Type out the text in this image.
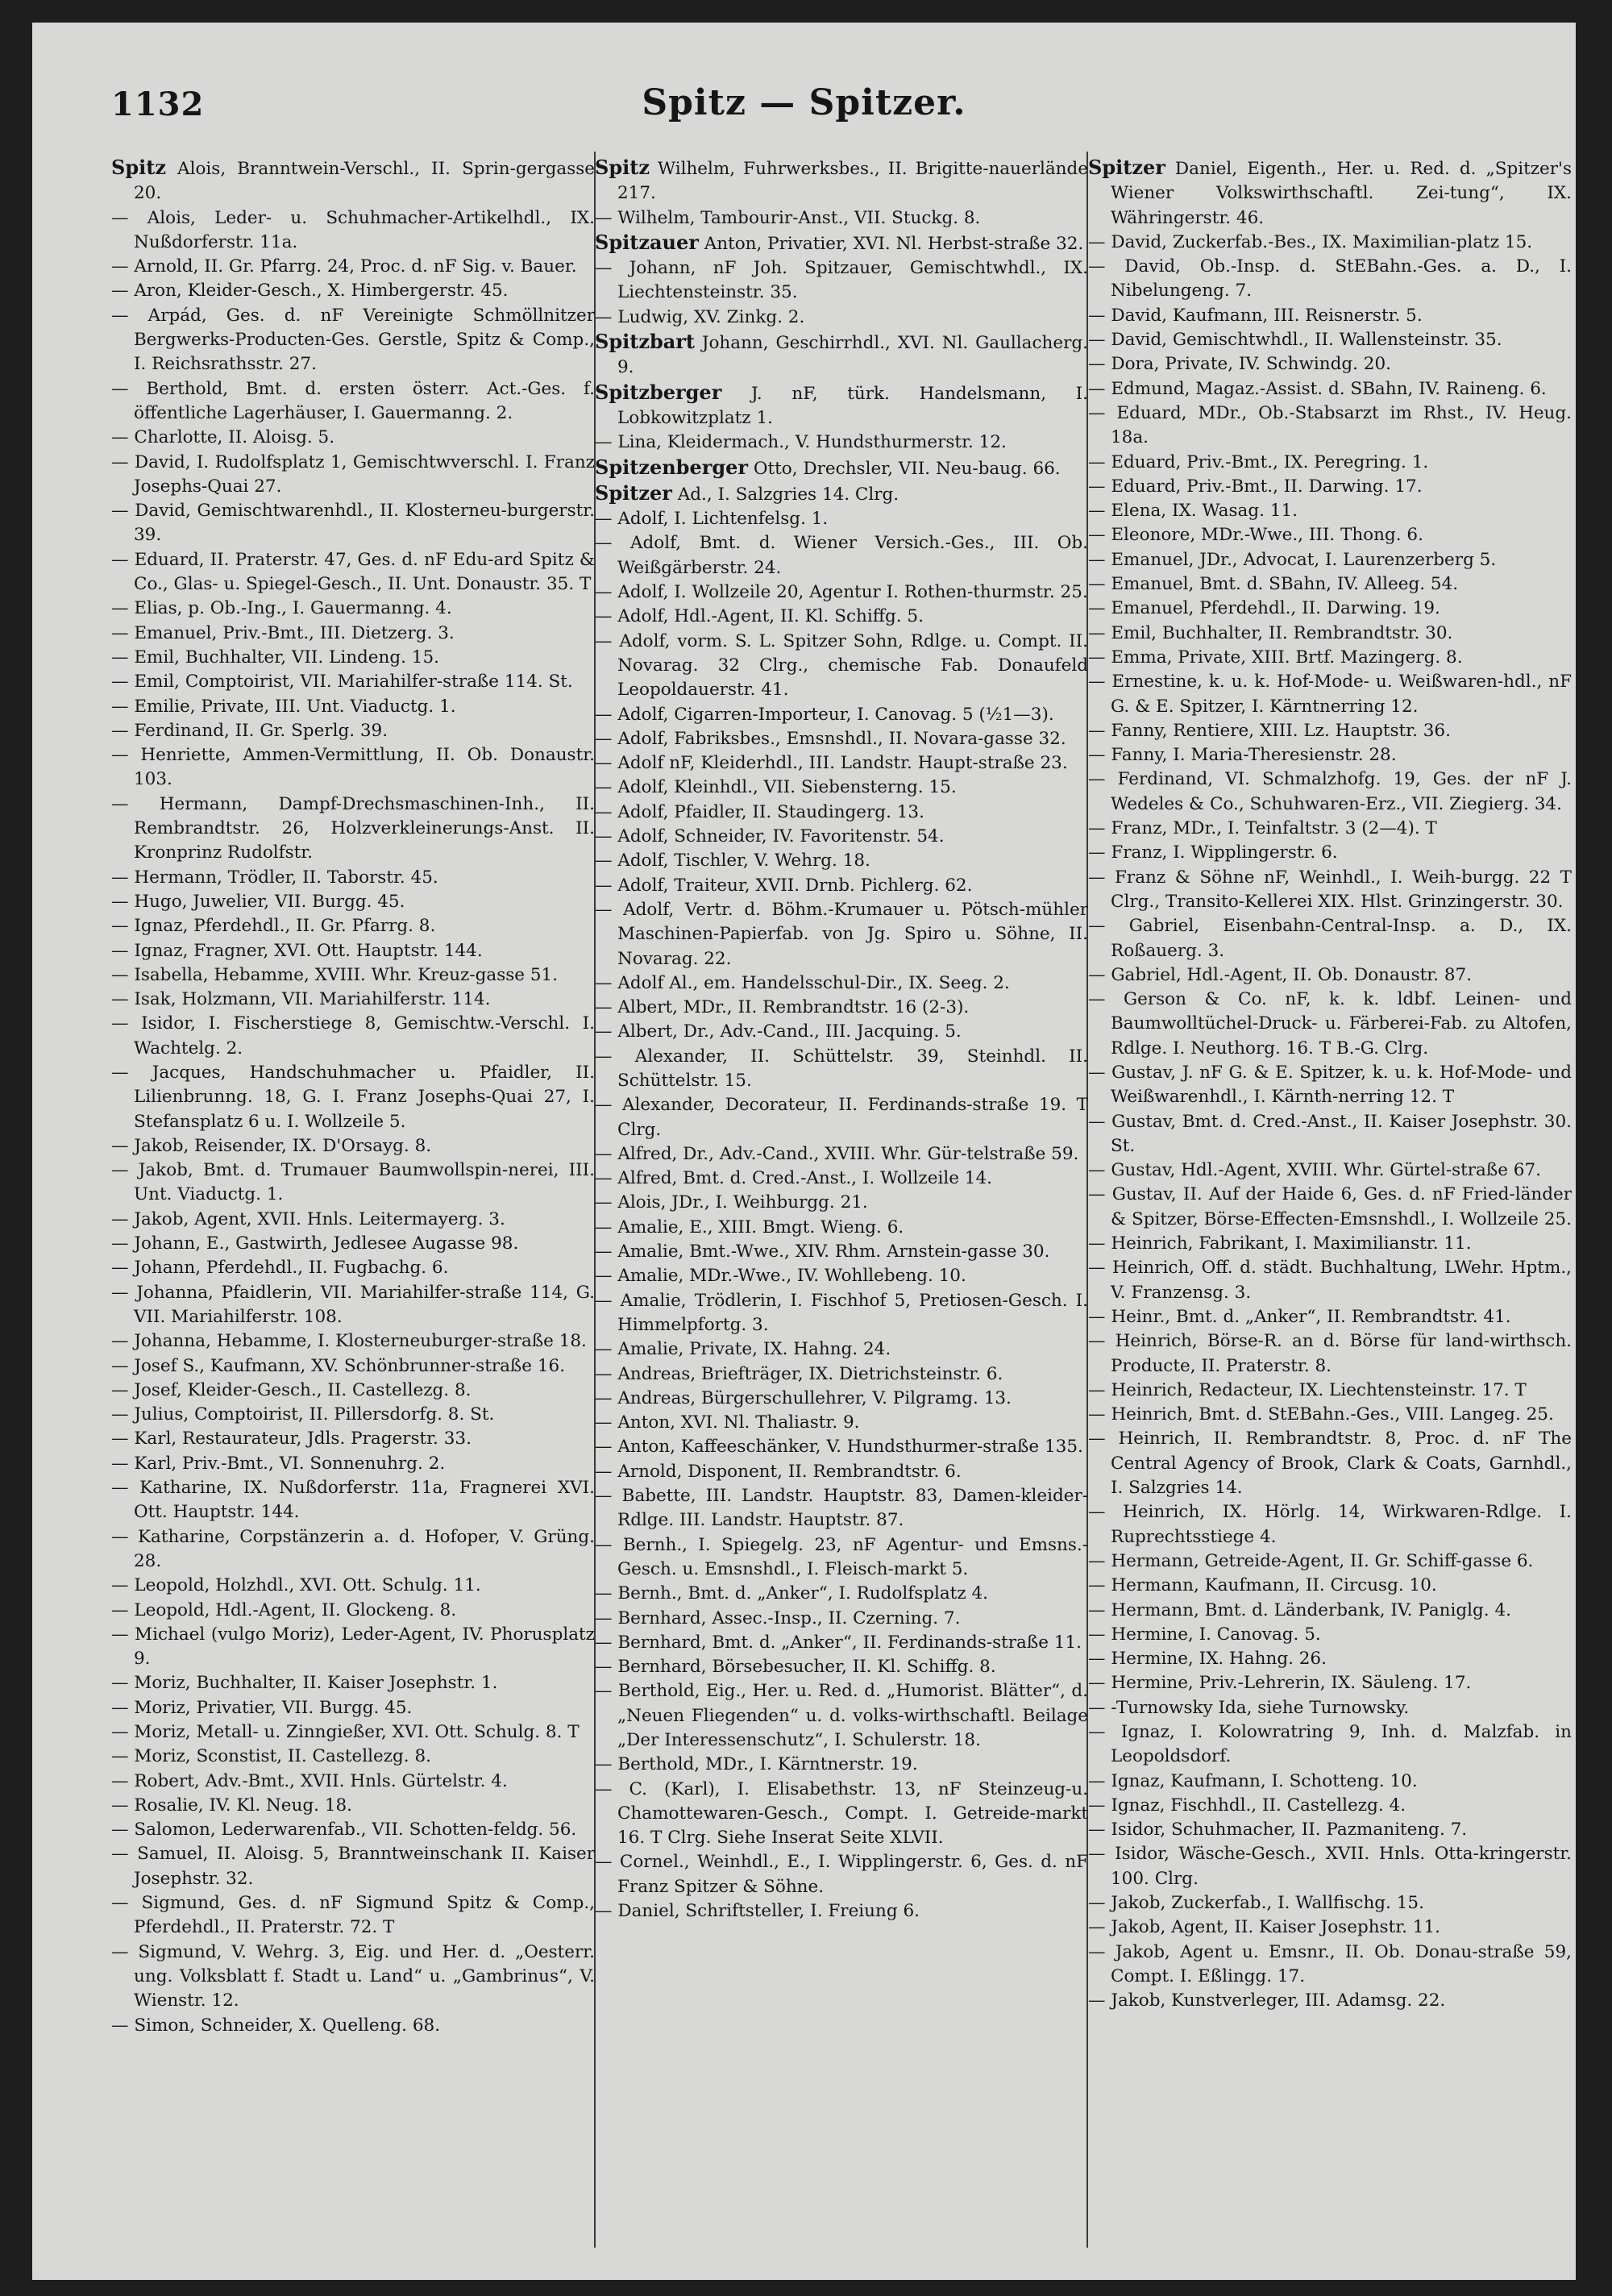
1132	Spitz — Spitzer.
Spitz Alois, Branntwein-Verschl., II. Sprin-gergasse 20.
— Alois, Leder- u. Schuhmacher-Artikelhdl., IX. Nußdorferstr. 11a.
— Arnold, II. Gr. Pfarrg. 24, Proc. d. nF Sig. v. Bauer.
— Aron, Kleider-Gesch., X. Himbergerstr. 45.
— Arpád, Ges. d. nF Vereinigte Schmöllnitzer Bergwerks-Producten-Ges. Gerstle, Spitz & Comp., I. Reichsrathsstr. 27.
— Berthold, Bmt. d. ersten österr. Act.-Ges. f. öffentliche Lagerhäuser, I. Gauermanng. 2.
— Charlotte, II. Aloisg. 5.
— David, I. Rudolfsplatz 1, Gemischtwverschl. I. Franz Josephs-Quai 27.
— David, Gemischtwarenhdl., II. Klosterneu-burgerstr. 39.
— Eduard, II. Praterstr. 47, Ges. d. nF Edu-ard Spitz & Co., Glas- u. Spiegel-Gesch., II. Unt. Donaustr. 35. T
— Elias, p. Ob.-Ing., I. Gauermanng. 4.
— Emanuel, Priv.-Bmt., III. Dietzerg. 3.
— Emil, Buchhalter, VII. Lindeng. 15.
— Emil, Comptoirist, VII. Mariahilfer-straße 114. St.
— Emilie, Private, III. Unt. Viaductg. 1.
— Ferdinand, II. Gr. Sperlg. 39.
— Henriette, Ammen-Vermittlung, II. Ob. Donaustr. 103.
— Hermann, Dampf-Drechsmaschinen-Inh., II. Rembrandtstr. 26, Holzverkleinerungs-Anst. II. Kronprinz Rudolfstr.
— Hermann, Trödler, II. Taborstr. 45.
— Hugo, Juwelier, VII. Burgg. 45.
— Ignaz, Pferdehdl., II. Gr. Pfarrg. 8.
— Ignaz, Fragner, XVI. Ott. Hauptstr. 144.
— Isabella, Hebamme, XVIII. Whr. Kreuz-gasse 51.
— Isak, Holzmann, VII. Mariahilferstr. 114.
— Isidor, I. Fischerstiege 8, Gemischtw.-Verschl. I. Wachtelg. 2.
— Jacques, Handschuhmacher u. Pfaidler, II. Lilienbrunng. 18, G. I. Franz Josephs-Quai 27, I. Stefansplatz 6 u. I. Wollzeile 5.
— Jakob, Reisender, IX. D'Orsayg. 8.
— Jakob, Bmt. d. Trumauer Baumwollspin-nerei, III. Unt. Viaductg. 1.
— Jakob, Agent, XVII. Hnls. Leitermayerg. 3.
— Johann, E., Gastwirth, Jedlesee Augasse 98.
— Johann, Pferdehdl., II. Fugbachg. 6.
— Johanna, Pfaidlerin, VII. Mariahilfer-straße 114, G. VII. Mariahilferstr. 108.
— Johanna, Hebamme, I. Klosterneuburger-straße 18.
— Josef S., Kaufmann, XV. Schönbrunner-straße 16.
— Josef, Kleider-Gesch., II. Castellezg. 8.
— Julius, Comptoirist, II. Pillersdorfg. 8. St.
— Karl, Restaurateur, Jdls. Pragerstr. 33.
— Karl, Priv.-Bmt., VI. Sonnenuhrg. 2.
— Katharine, IX. Nußdorferstr. 11a, Fragnerei XVI. Ott. Hauptstr. 144.
— Katharine, Corpstänzerin a. d. Hofoper, V. Grüng. 28.
— Leopold, Holzhdl., XVI. Ott. Schulg. 11.
— Leopold, Hdl.-Agent, II. Glockeng. 8.
— Michael (vulgo Moriz), Leder-Agent, IV. Phorusplatz 9.
— Moriz, Buchhalter, II. Kaiser Josephstr. 1.
— Moriz, Privatier, VII. Burgg. 45.
— Moriz, Metall- u. Zinngießer, XVI. Ott. Schulg. 8. T
— Moriz, Sconstist, II. Castellezg. 8.
— Robert, Adv.-Bmt., XVII. Hnls. Gürtelstr. 4.
— Rosalie, IV. Kl. Neug. 18.
— Salomon, Lederwarenfab., VII. Schotten-feldg. 56.
— Samuel, II. Aloisg. 5, Branntweinschank II. Kaiser Josephstr. 32.
— Sigmund, Ges. d. nF Sigmund Spitz & Comp., Pferdehdl., II. Praterstr. 72. T
— Sigmund, V. Wehrg. 3, Eig. und Her. d. „Oesterr. ung. Volksblatt f. Stadt u. Land“ u. „Gambrinus“, V. Wienstr. 12.
— Simon, Schneider, X. Quelleng. 68.
Spitz Wilhelm, Fuhrwerksbes., II. Brigitte-nauerlände 217.
— Wilhelm, Tambourir-Anst., VII. Stuckg. 8.
Spitzauer Anton, Privatier, XVI. Nl. Herbst-straße 32.
— Johann, nF Joh. Spitzauer, Gemischtwhdl., IX. Liechtensteinstr. 35.
— Ludwig, XV. Zinkg. 2.
Spitzbart Johann, Geschirrhdl., XVI. Nl. Gaullacherg. 9.
Spitzberger J. nF, türk. Handelsmann, I. Lobkowitzplatz 1.
— Lina, Kleidermach., V. Hundsthurmerstr. 12.
Spitzenberger Otto, Drechsler, VII. Neu-baug. 66.
Spitzer Ad., I. Salzgries 14. Clrg.
— Adolf, I. Lichtenfelsg. 1.
— Adolf, Bmt. d. Wiener Versich.-Ges., III. Ob. Weißgärberstr. 24.
— Adolf, I. Wollzeile 20, Agentur I. Rothen-thurmstr. 25.
— Adolf, Hdl.-Agent, II. Kl. Schiffg. 5.
— Adolf, vorm. S. L. Spitzer Sohn, Rdlge. u. Compt. II. Novarag. 32 Clrg., chemische Fab. Donaufeld Leopoldauerstr. 41.
— Adolf, Cigarren-Importeur, I. Canovag. 5 (½1—3).
— Adolf, Fabriksbes., Emsnshdl., II. Novara-gasse 32.
— Adolf nF, Kleiderhdl., III. Landstr. Haupt-straße 23.
— Adolf, Kleinhdl., VII. Siebensterng. 15.
— Adolf, Pfaidler, II. Staudingerg. 13.
— Adolf, Schneider, IV. Favoritenstr. 54.
— Adolf, Tischler, V. Wehrg. 18.
— Adolf, Traiteur, XVII. Drnb. Pichlerg. 62.
— Adolf, Vertr. d. Böhm.-Krumauer u. Pötsch-mühler Maschinen-Papierfab. von Jg. Spiro u. Söhne, II. Novarag. 22.
— Adolf Al., em. Handelsschul-Dir., IX. Seeg. 2.
— Albert, MDr., II. Rembrandtstr. 16 (2-3).
— Albert, Dr., Adv.-Cand., III. Jacquing. 5.
— Alexander, II. Schüttelstr. 39, Steinhdl. II. Schüttelstr. 15.
— Alexander, Decorateur, II. Ferdinands-straße 19. T Clrg.
— Alfred, Dr., Adv.-Cand., XVIII. Whr. Gür-telstraße 59.
— Alfred, Bmt. d. Cred.-Anst., I. Wollzeile 14.
— Alois, JDr., I. Weihburgg. 21.
— Amalie, E., XIII. Bmgt. Wieng. 6.
— Amalie, Bmt.-Wwe., XIV. Rhm. Arnstein-gasse 30.
— Amalie, MDr.-Wwe., IV. Wohllebeng. 10.
— Amalie, Trödlerin, I. Fischhof 5, Pretiosen-Gesch. I. Himmelpfortg. 3.
— Amalie, Private, IX. Hahng. 24.
— Andreas, Briefträger, IX. Dietrichsteinstr. 6.
— Andreas, Bürgerschullehrer, V. Pilgramg. 13.
— Anton, XVI. Nl. Thaliastr. 9.
— Anton, Kaffeeschänker, V. Hundsthurmer-straße 135.
— Arnold, Disponent, II. Rembrandtstr. 6.
— Babette, III. Landstr. Hauptstr. 83, Damen-kleider-Rdlge. III. Landstr. Hauptstr. 87.
— Bernh., I. Spiegelg. 23, nF Agentur- und Emsns.-Gesch. u. Emsnshdl., I. Fleisch-markt 5.
— Bernh., Bmt. d. „Anker“, I. Rudolfsplatz 4.
— Bernhard, Assec.-Insp., II. Czerning. 7.
— Bernhard, Bmt. d. „Anker“, II. Ferdinands-straße 11.
— Bernhard, Börsebesucher, II. Kl. Schiffg. 8.
— Berthold, Eig., Her. u. Red. d. „Humorist. Blätter“, d. „Neuen Fliegenden“ u. d. volks-wirthschaftl. Beilage „Der Interessenschutz“, I. Schulerstr. 18.
— Berthold, MDr., I. Kärntnerstr. 19.
— C. (Karl), I. Elisabethstr. 13, nF Steinzeug-u. Chamottewaren-Gesch., Compt. I. Getreide-markt 16. T Clrg. Siehe Inserat Seite XLVII.
— Cornel., Weinhdl., E., I. Wipplingerstr. 6, Ges. d. nF Franz Spitzer & Söhne.
— Daniel, Schriftsteller, I. Freiung 6.
Spitzer Daniel, Eigenth., Her. u. Red. d. „Spitzer's Wiener Volkswirthschaftl. Zei-tung“, IX. Währingerstr. 46.
— David, Zuckerfab.-Bes., IX. Maximilian-platz 15.
— David, Ob.-Insp. d. StEBahn.-Ges. a. D., I. Nibelungeng. 7.
— David, Kaufmann, III. Reisnerstr. 5.
— David, Gemischtwhdl., II. Wallensteinstr. 35.
— Dora, Private, IV. Schwindg. 20.
— Edmund, Magaz.-Assist. d. SBahn, IV. Raineng. 6.
— Eduard, MDr., Ob.-Stabsarzt im Rhst., IV. Heug. 18a.
— Eduard, Priv.-Bmt., IX. Peregring. 1.
— Eduard, Priv.-Bmt., II. Darwing. 17.
— Elena, IX. Wasag. 11.
— Eleonore, MDr.-Wwe., III. Thong. 6.
— Emanuel, JDr., Advocat, I. Laurenzerberg 5.
— Emanuel, Bmt. d. SBahn, IV. Alleeg. 54.
— Emanuel, Pferdehdl., II. Darwing. 19.
— Emil, Buchhalter, II. Rembrandtstr. 30.
— Emma, Private, XIII. Brtf. Mazingerg. 8.
— Ernestine, k. u. k. Hof-Mode- u. Weißwaren-hdl., nF G. & E. Spitzer, I. Kärntnerring 12.
— Fanny, Rentiere, XIII. Lz. Hauptstr. 36.
— Fanny, I. Maria-Theresienstr. 28.
— Ferdinand, VI. Schmalzhofg. 19, Ges. der nF J. Wedeles & Co., Schuhwaren-Erz., VII. Ziegierg. 34.
— Franz, MDr., I. Teinfaltstr. 3 (2—4). T
— Franz, I. Wipplingerstr. 6.
— Franz & Söhne nF, Weinhdl., I. Weih-burgg. 22 T Clrg., Transito-Kellerei XIX. Hlst. Grinzingerstr. 30.
— Gabriel, Eisenbahn-Central-Insp. a. D., IX. Roßauerg. 3.
— Gabriel, Hdl.-Agent, II. Ob. Donaustr. 87.
— Gerson & Co. nF, k. k. ldbf. Leinen- und Baumwolltüchel-Druck- u. Färberei-Fab. zu Altofen, Rdlge. I. Neuthorg. 16. T B.-G. Clrg.
— Gustav, J. nF G. & E. Spitzer, k. u. k. Hof-Mode- und Weißwarenhdl., I. Kärnth-nerring 12. T
— Gustav, Bmt. d. Cred.-Anst., II. Kaiser Josephstr. 30. St.
— Gustav, Hdl.-Agent, XVIII. Whr. Gürtel-straße 67.
— Gustav, II. Auf der Haide 6, Ges. d. nF Fried-länder & Spitzer, Börse-Effecten-Emsnshdl., I. Wollzeile 25.
— Heinrich, Fabrikant, I. Maximilianstr. 11.
— Heinrich, Off. d. städt. Buchhaltung, LWehr. Hptm., V. Franzensg. 3.
— Heinr., Bmt. d. „Anker“, II. Rembrandtstr. 41.
— Heinrich, Börse-R. an d. Börse für land-wirthsch. Producte, II. Praterstr. 8.
— Heinrich, Redacteur, IX. Liechtensteinstr. 17. T
— Heinrich, Bmt. d. StEBahn.-Ges., VIII. Langeg. 25.
— Heinrich, II. Rembrandtstr. 8, Proc. d. nF The Central Agency of Brook, Clark & Coats, Garnhdl., I. Salzgries 14.
— Heinrich, IX. Hörlg. 14, Wirkwaren-Rdlge. I. Ruprechtsstiege 4.
— Hermann, Getreide-Agent, II. Gr. Schiff-gasse 6.
— Hermann, Kaufmann, II. Circusg. 10.
— Hermann, Bmt. d. Länderbank, IV. Paniglg. 4.
— Hermine, I. Canovag. 5.
— Hermine, IX. Hahng. 26.
— Hermine, Priv.-Lehrerin, IX. Säuleng. 17.
— -Turnowsky Ida, siehe Turnowsky.
— Ignaz, I. Kolowratring 9, Inh. d. Malzfab. in Leopoldsdorf.
— Ignaz, Kaufmann, I. Schotteng. 10.
— Ignaz, Fischhdl., II. Castellezg. 4.
— Isidor, Schuhmacher, II. Pazmaniteng. 7.
— Isidor, Wäsche-Gesch., XVII. Hnls. Otta-kringerstr. 100. Clrg.
— Jakob, Zuckerfab., I. Wallfischg. 15.
— Jakob, Agent, II. Kaiser Josephstr. 11.
— Jakob, Agent u. Emsnr., II. Ob. Donau-straße 59, Compt. I. Eßlingg. 17.
— Jakob, Kunstverleger, III. Adamsg. 22.
